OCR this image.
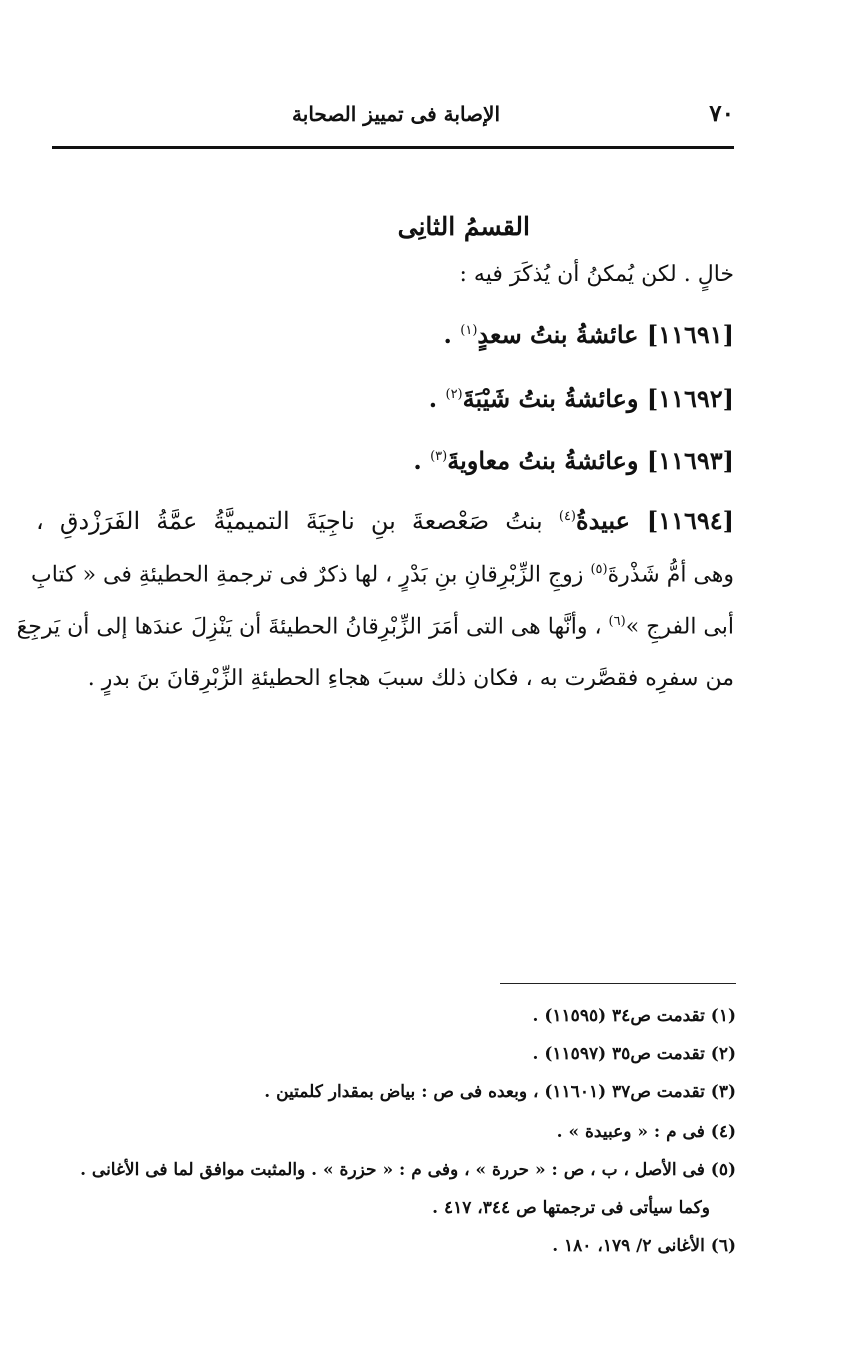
٧٠
الإصابة فى تمييز الصحابة
القسمُ الثانِى
خالٍ . لكن يُمكنُ أن يُذكَرَ فيه :
[١١٦٩١] عائشةُ بنتُ سعدٍ$^{(١)}$ .
[١١٦٩٢] وعائشةُ بنتُ شَيْبَةَ$^{(٢)}$ .
[١١٦٩٣] وعائشةُ بنتُ معاويةَ$^{(٣)}$ .
[١١٦٩٤] عبيدةُ$^{(٤)}$ بنتُ صَعْصعةَ بنِ ناجِيَةَ التميميَّةُ عمَّةُ الفَرَزْدقِ ،
وهى أمُّ شَذْرةَ$^{(٥)}$ زوجِ الزِّبْرِقانِ بنِ بَدْرٍ ، لها ذكرٌ فى ترجمةِ الحطيئةِ فى « كتابِ
أبى الفرجِ »$^{(٦)}$ ، وأنَّها هى التى أمَرَ الزِّبْرِقانُ الحطيئةَ أن يَنْزِلَ عندَها إلى أن يَرجِعَ
من سفرِه فقصَّرت به ، فكان ذلك سببَ هجاءِ الحطيئةِ الزِّبْرِقانَ بنَ بدرٍ .
(١) تقدمت ص٣٤ (١١٥٩٥) .
(٢) تقدمت ص٣٥ (١١٥٩٧) .
(٣) تقدمت ص٣٧ (١١٦٠١) ، وبعده فى ص : بياض بمقدار كلمتين .
(٤) فى م : « وعبيدة » .
(٥) فى الأصل ، ب ، ص : « حررة » ، وفى م : « حزرة » . والمثبت موافق لما فى الأغانى .
وكما سيأتى فى ترجمتها ص ٣٤٤، ٤١٧ .
(٦) الأغانى ٢/ ١٧٩، ١٨٠ .
